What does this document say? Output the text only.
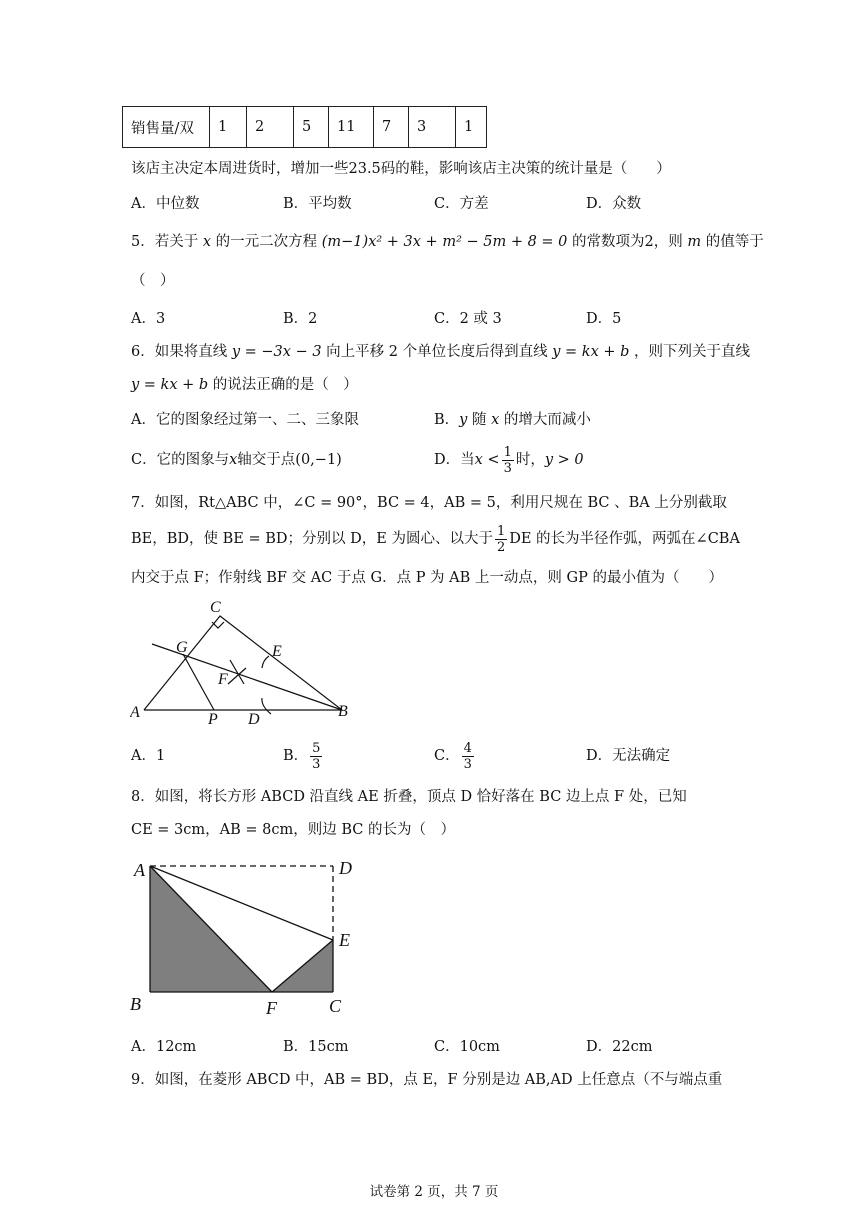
销售量/双	1	2	5	11	7	3	1
该店主决定本周进货时，增加一些23.5码的鞋，影响该店主决策的统计量是（　　）
A．中位数	B．平均数	C．方差	D．众数
5．若关于 x 的一元二次方程 (m−1)x² + 3x + m² − 5m + 8 = 0 的常数项为2，则 m 的值等于
（　）
A．3	B．2	C．2 或 3	D．5
6．如果将直线 y = −3x − 3 向上平移 2 个单位长度后得到直线 y = kx + b ，则下列关于直线
y = kx + b 的说法正确的是（　）
A．它的图象经过第一、二、三象限	B．y 随 x 的增大而减小
C．它的图象与x轴交于点(0,−1)	D．当$x < \frac{1}{3}$ 时，y > 0
7．如图，Rt△ABC 中，∠C = 90°，BC = 4，AB = 5，利用尺规在 BC 、BA 上分别截取
BE，BD，使 BE = BD；分别以 D，E 为圆心、以大于 $\frac{1}{2}$ DE 的长为半径作弧，两弧在∠CBA
内交于点 F；作射线 BF 交 AC 于点 G．点 P 为 AB 上一动点，则 GP 的最小值为（　　）
C
G	E
F
A	P D	B
A．1	B． $\frac{5}{3}$	C． $\frac{4}{3}$	D．无法确定
8．如图，将长方形 ABCD 沿直线 AE 折叠，顶点 D 恰好落在 BC 边上点 F 处，已知
CE = 3cm，AB = 8cm，则边 BC 的长为（　）
A	D
E
B	F	C
A．12cm	B．15cm	C．10cm	D．22cm
9．如图，在菱形 ABCD 中，AB = BD，点 E，F 分别是边 AB,AD 上任意点（不与端点重
试卷第 2 页，共 7 页
